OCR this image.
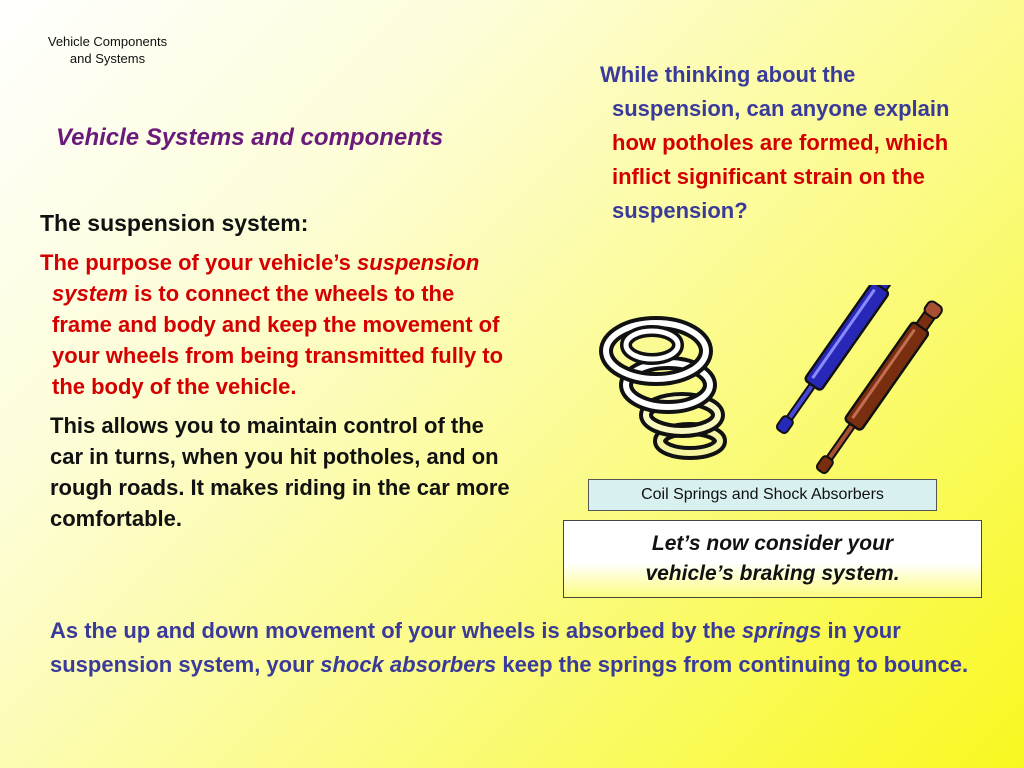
Vehicle Components
and Systems
Vehicle Systems and components

The suspension system:

The purpose of your vehicle’s suspension system is to connect the wheels to the frame and body and keep the movement of your wheels from being transmitted fully to the body of the vehicle.

This allows you to maintain control of the car in turns, when you hit potholes, and on rough roads. It makes riding in the car more comfortable.

While thinking about the suspension, can anyone explain how potholes are formed, which inflict significant strain on the suspension?
Coil Springs and Shock Absorbers
Let’s now consider your
vehicle’s braking system.
As the up and down movement of your wheels is absorbed by the springs in your suspension system, your shock absorbers keep the springs from continuing to bounce.
